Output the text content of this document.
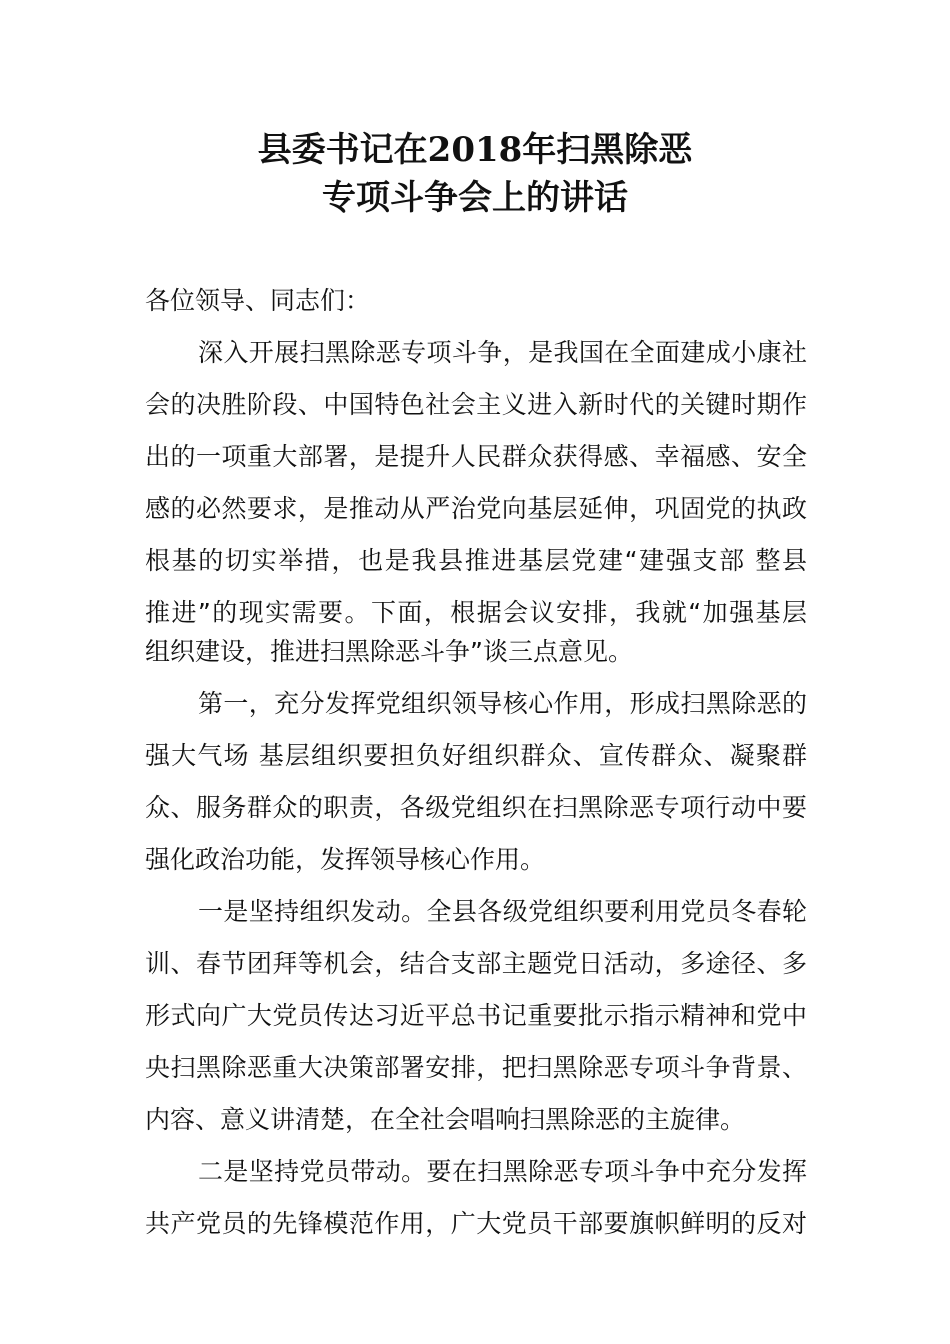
县委书记在2018年扫黑除恶
专项斗争会上的讲话
各位领导、同志们：
深入开展扫黑除恶专项斗争，是我国在全面建成小康社
会的决胜阶段、中国特色社会主义进入新时代的关键时期作
出的一项重大部署，是提升人民群众获得感、幸福感、安全
感的必然要求，是推动从严治党向基层延伸，巩固党的执政
根基的切实举措，也是我县推进基层党建“建强支部 整县
推进”的现实需要。下面，根据会议安排，我就“加强基层
组织建设，推进扫黑除恶斗争”谈三点意见。
第一，充分发挥党组织领导核心作用，形成扫黑除恶的
强大气场 基层组织要担负好组织群众、宣传群众、凝聚群
众、服务群众的职责，各级党组织在扫黑除恶专项行动中要
强化政治功能，发挥领导核心作用。
一是坚持组织发动。全县各级党组织要利用党员冬春轮
训、春节团拜等机会，结合支部主题党日活动，多途径、多
形式向广大党员传达习近平总书记重要批示指示精神和党中
央扫黑除恶重大决策部署安排，把扫黑除恶专项斗争背景、
内容、意义讲清楚，在全社会唱响扫黑除恶的主旋律。
二是坚持党员带动。要在扫黑除恶专项斗争中充分发挥
共产党员的先锋模范作用，广大党员干部要旗帜鲜明的反对
